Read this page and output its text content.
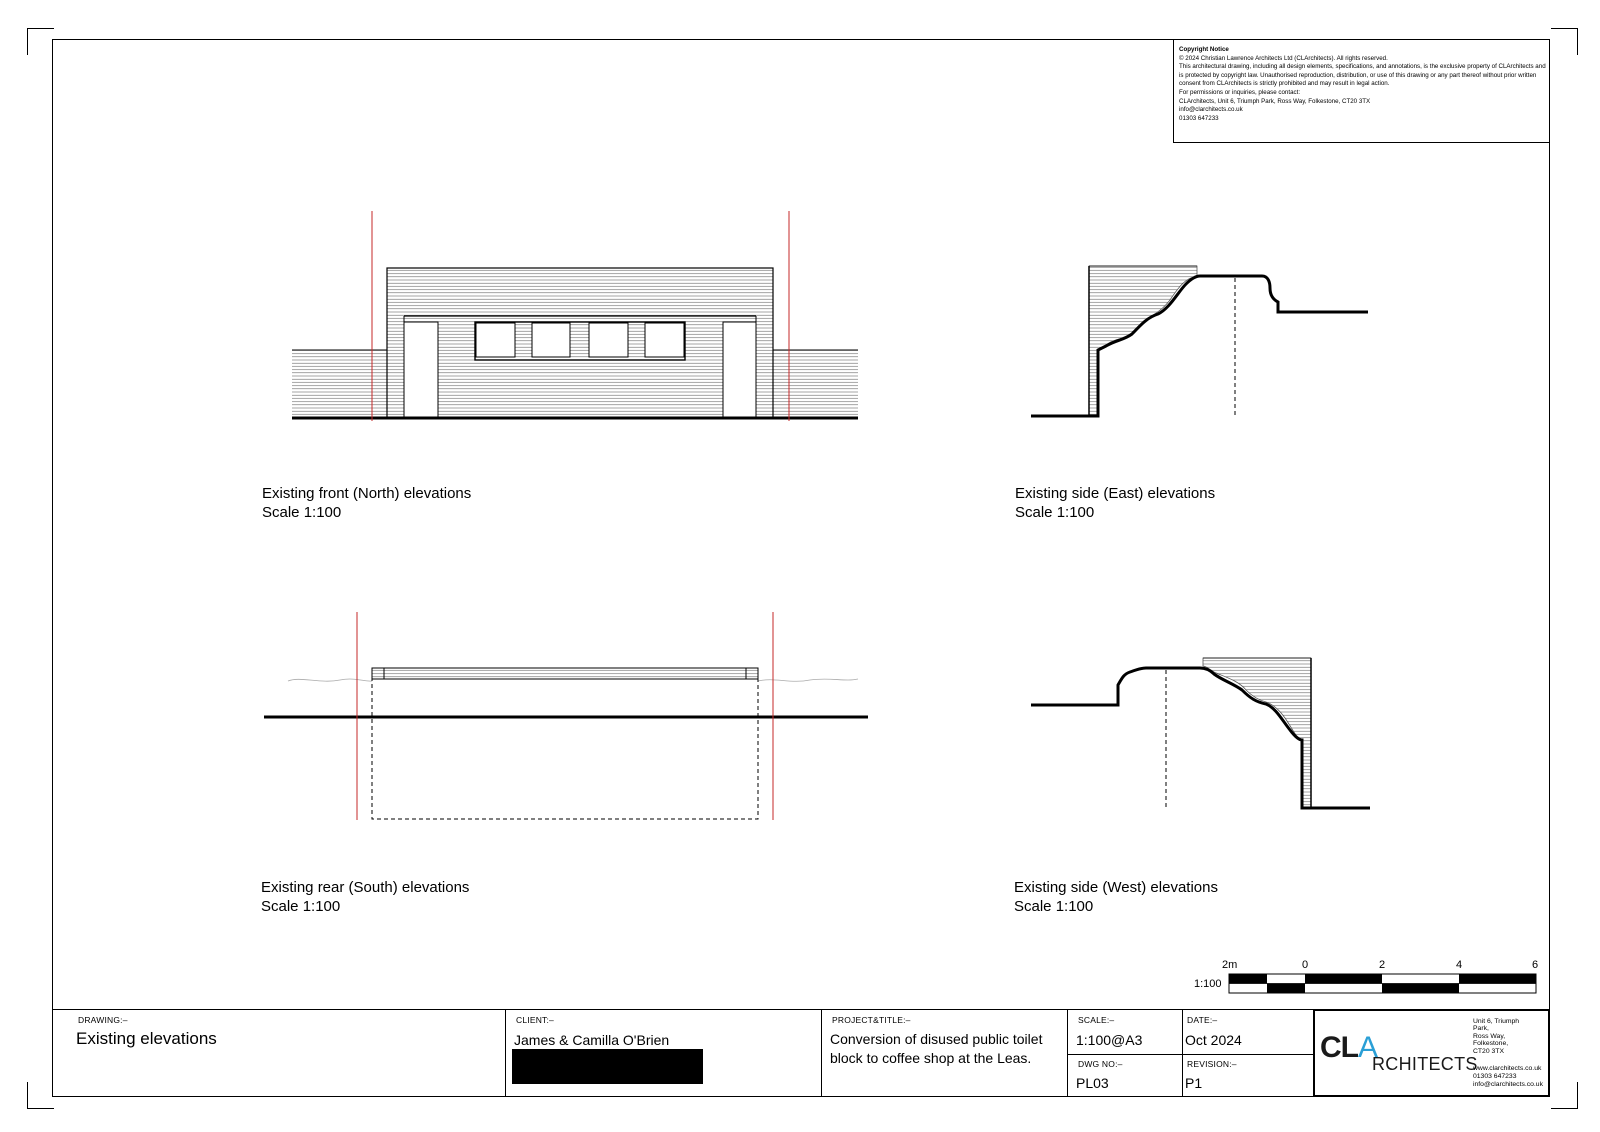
Copyright Notice
© 2024 Christian Lawrence Architects Ltd (CLArchitects). All rights reserved.
This architectural drawing, including all design elements, specifications, and annotations, is the exclusive property of CLArchitects and is protected by copyright law. Unauthorised reproduction, distribution, or use of this drawing or any part thereof without prior written consent from CLArchitects is strictly prohibited and may result in legal action.
For permissions or inquiries, please contact:
CLArchitects, Unit 6, Triumph Park, Ross Way, Folkestone, CT20 3TX
info@clarchitects.co.uk
01303 647233
Existing front (North) elevations
Scale 1:100
Existing side (East) elevations
Scale 1:100
Existing rear (South) elevations
Scale 1:100
Existing side (West) elevations
Scale 1:100
2m	0	2	4	6
1:100
DRAWING:–
Existing elevations
CLIENT:–
James & Camilla O'Brien
PROJECT&TITLE:–
Conversion of disused public toilet
block to coffee shop at the Leas.
SCALE:–
1:100@A3
DWG NO:–
PL03
DATE:–
Oct 2024
REVISION:–
P1
CLA
RCHITECTS
Unit 6, Triumph
Park,
Ross Way,
Folkestone,
CT20 3TX
www.clarchitects.co.uk
01303 647233
info@clarchitects.co.uk
